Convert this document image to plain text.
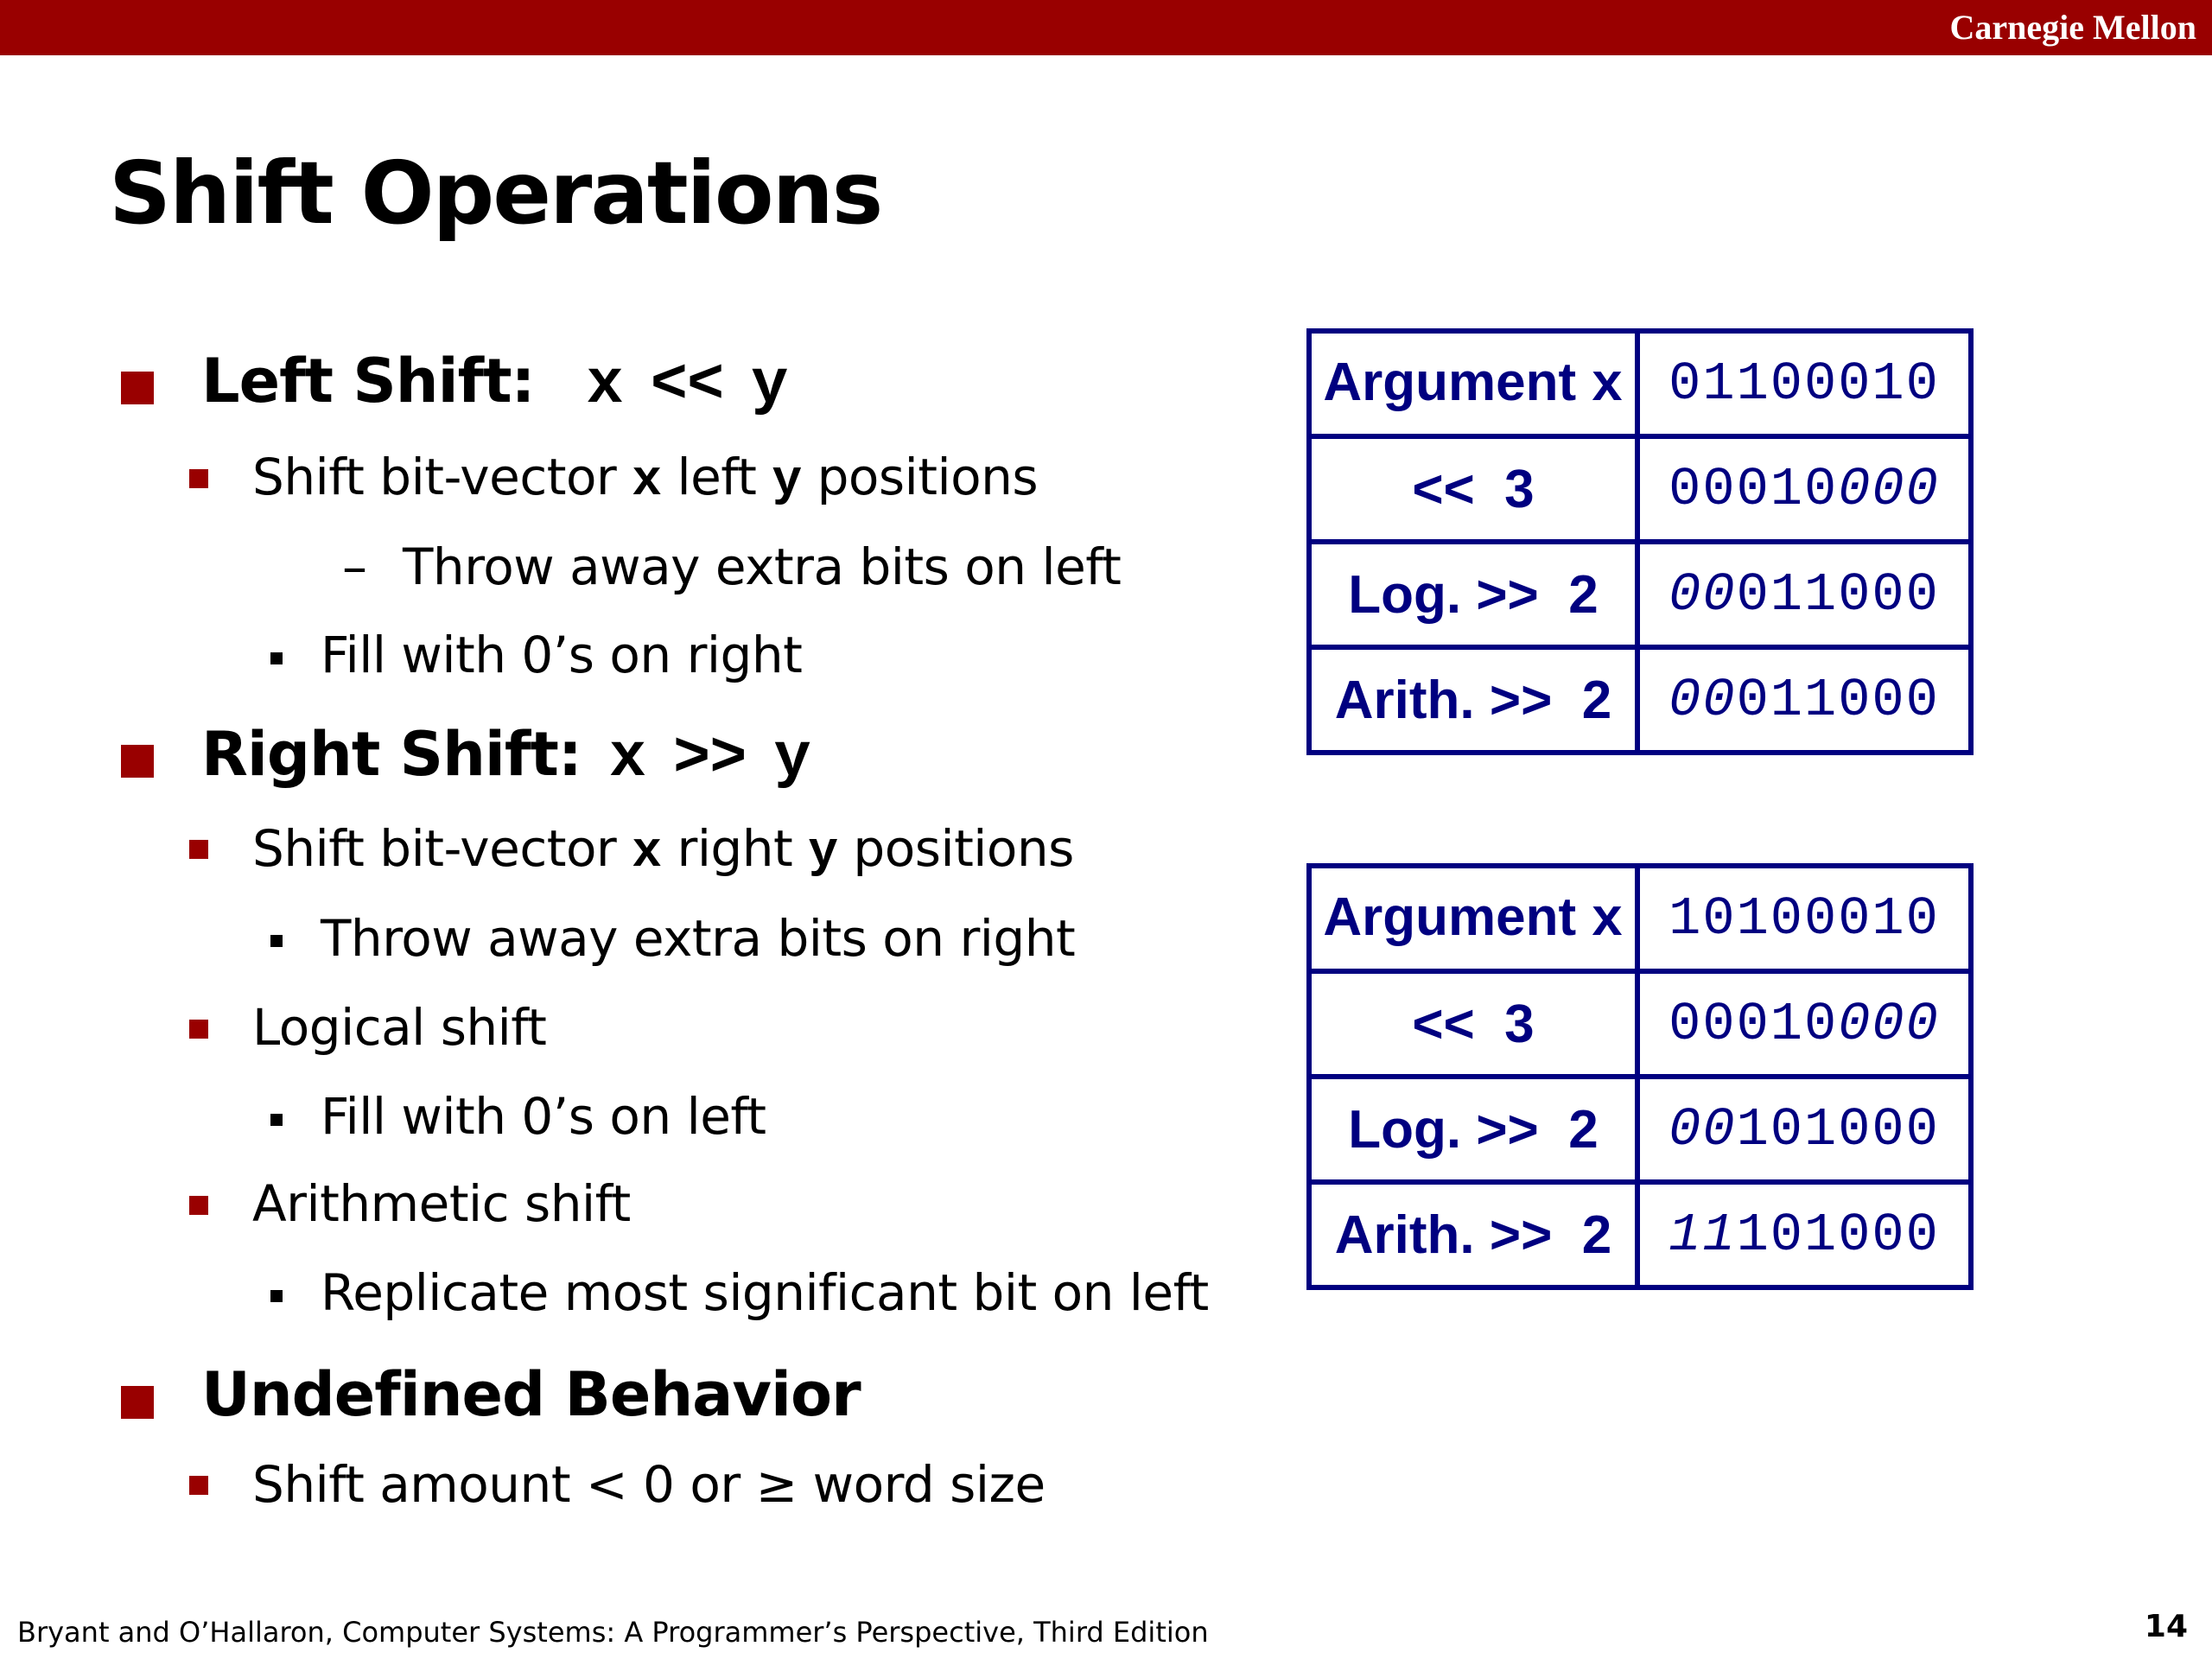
Carnegie Mellon
Shift Operations
Left Shift: x << y
Shift bit-vector x left y positions
– Throw away extra bits on left
Fill with 0’s on right
Right Shift: x >> y
Shift bit-vector x right y positions
Throw away extra bits on right
Logical shift
Fill with 0’s on left
Arithmetic shift
Replicate most significant bit on left
Undefined Behavior
Shift amount < 0 or ≥ word size
Argument x	01100010
<<  3	00010000
Log. >>  2	00011000
Arith. >>  2	00011000
Argument x	10100010
<<  3	00010000
Log. >>  2	00101000
Arith. >>  2	11101000
Bryant and O’Hallaron, Computer Systems: A Programmer’s Perspective, Third Edition	14
